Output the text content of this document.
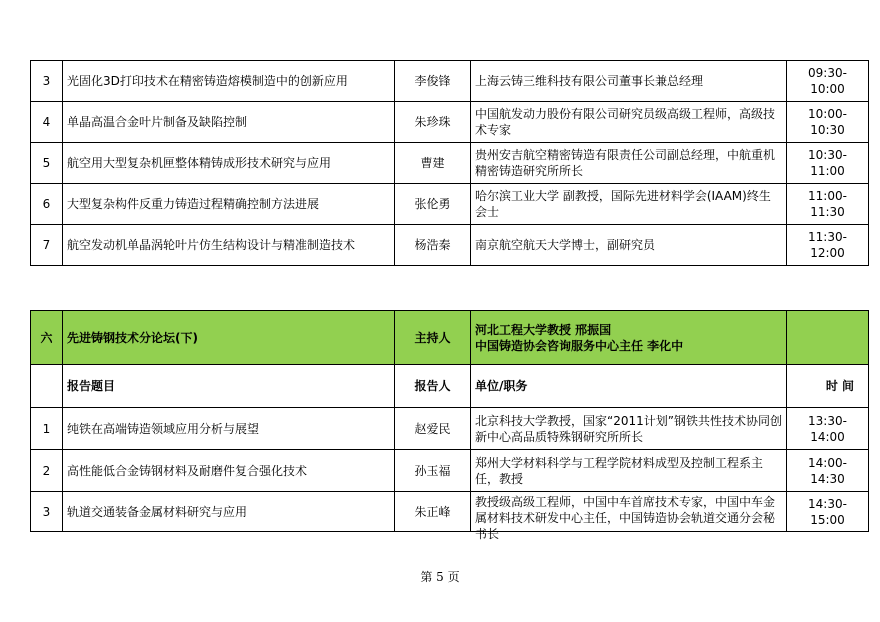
3	光固化3D打印技术在精密铸造熔模制造中的创新应用	李俊锋	上海云铸三维科技有限公司董事长兼总经理	09:30-10:00
4	单晶高温合金叶片制备及缺陷控制	朱珍珠	中国航发动力股份有限公司研究员级高级工程师，高级技术专家	10:00-10:30
5	航空用大型复杂机匣整体精铸成形技术研究与应用	曹建	贵州安吉航空精密铸造有限责任公司副总经理，中航重机精密铸造研究所所长	10:30-11:00
6	大型复杂构件反重力铸造过程精确控制方法进展	张伦勇	哈尔滨工业大学 副教授，国际先进材料学会(IAAM)终生会士	11:00-11:30
7	航空发动机单晶涡轮叶片仿生结构设计与精准制造技术	杨浩秦	南京航空航天大学博士，副研究员	11:30-12:00
六	先进铸钢技术分论坛(下)	主持人	河北工程大学教授 邢振国
中国铸造协会咨询服务中心主任 李化中	

	报告题目	报告人	单位/职务	时 间
1	纯铁在高端铸造领域应用分析与展望	赵爱民	北京科技大学教授，国家“2011计划”钢铁共性技术协同创新中心高品质特殊钢研究所所长	13:30-14:00
2	高性能低合金铸钢材料及耐磨件复合强化技术	孙玉福	郑州大学材料科学与工程学院材料成型及控制工程系主任，教授	14:00-14:30
3	轨道交通装备金属材料研究与应用	朱正峰	教授级高级工程师，中国中车首席技术专家，中国中车金属材料技术研发中心主任，中国铸造协会轨道交通分会秘书长	14:30-15:00
第 5 页
